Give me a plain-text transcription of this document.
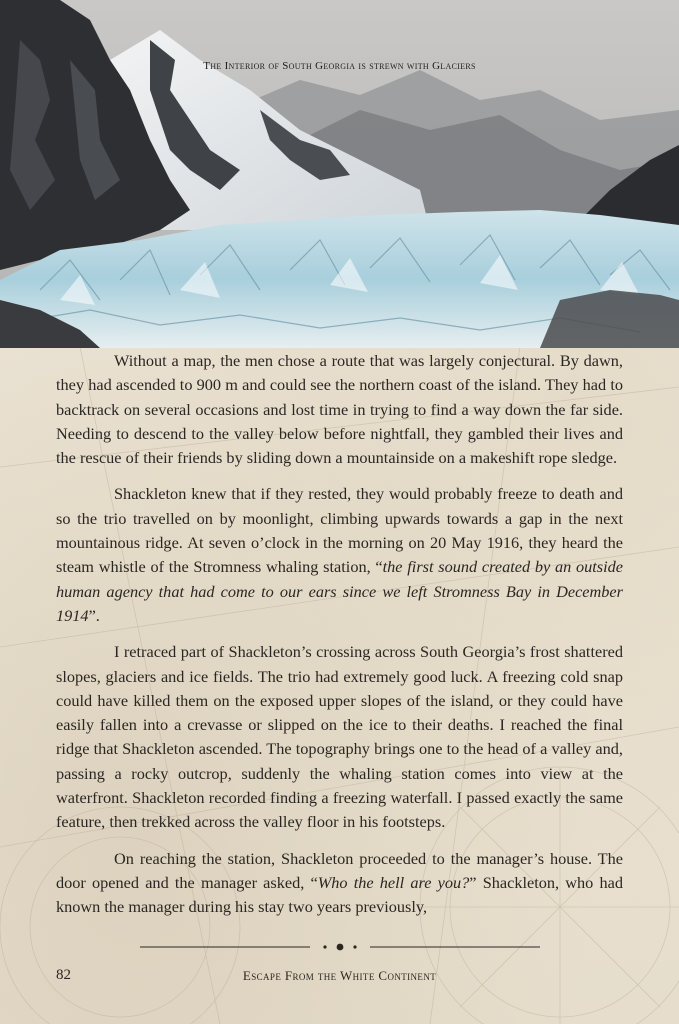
The Interior of South Georgia is strewn with Glaciers

Without a map, the men chose a route that was largely conjectural. By dawn, they had ascended to 900 m and could see the northern coast of the island. They had to backtrack on several occasions and lost time in trying to find a way down the far side. Needing to descend to the valley below before nightfall, they gambled their lives and the rescue of their friends by sliding down a mountainside on a makeshift rope sledge.

Shackleton knew that if they rested, they would probably freeze to death and so the trio travelled on by moonlight, climbing upwards towards a gap in the next mountainous ridge. At seven o’clock in the morning on 20 May 1916, they heard the steam whistle of the Stromness whaling station, “the first sound created by an outside human agency that had come to our ears since we left Stromness Bay in December 1914”.

I retraced part of Shackleton’s crossing across South Georgia’s frost shattered slopes, glaciers and ice fields. The trio had extremely good luck. A freezing cold snap could have killed them on the exposed upper slopes of the island, or they could have easily fallen into a crevasse or slipped on the ice to their deaths. I reached the final ridge that Shackleton ascended. The topography brings one to the head of a valley and, passing a rocky outcrop, suddenly the whaling station comes into view at the waterfront. Shackleton recorded finding a freezing waterfall. I passed exactly the same feature, then trekked across the valley floor in his footsteps.

On reaching the station, Shackleton proceeded to the manager’s house. The door opened and the manager asked, “Who the hell are you?” Shackleton, who had known the manager during his stay two years previously,

82	Escape From the White Continent
